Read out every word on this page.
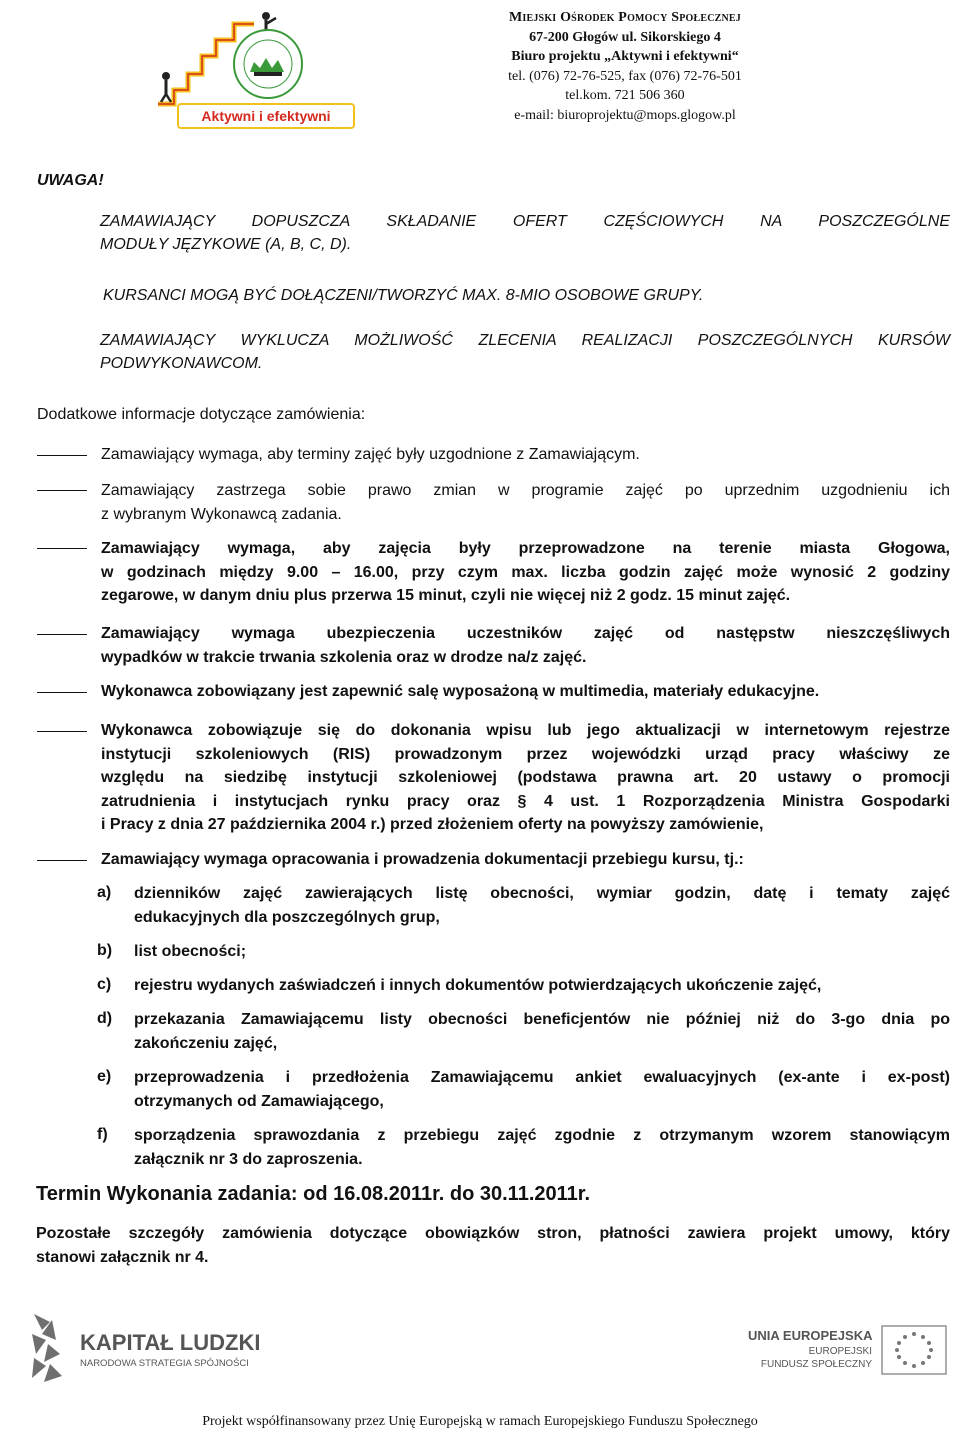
Aktywni i efektywni
Miejski Ośrodek Pomocy Społecznej
67-200 Głogów ul. Sikorskiego 4
Biuro projektu „Aktywni i efektywni“
tel. (076) 72-76-525, fax (076) 72-76-501
tel.kom. 721 506 360
e-mail: biuroprojektu@mops.glogow.pl
UWAGA!
ZAMAWIAJĄCY DOPUSZCZA SKŁADANIE OFERT CZĘŚCIOWYCH NA POSZCZEGÓLNE
MODUŁY JĘZYKOWE (A, B, C, D).
KURSANCI MOGĄ BYĆ DOŁĄCZENI/TWORZYĆ MAX. 8-MIO OSOBOWE GRUPY.
ZAMAWIAJĄCY WYKLUCZA MOŻLIWOŚĆ ZLECENIA REALIZACJI POSZCZEGÓLNYCH KURSÓW
PODWYKONAWCOM.
Dodatkowe informacje dotyczące zamówienia:
Zamawiający wymaga, aby terminy zajęć były uzgodnione z Zamawiającym.
Zamawiający zastrzega sobie prawo zmian w programie zajęć po uprzednim uzgodnieniu ich
z wybranym Wykonawcą zadania.
Zamawiający wymaga, aby zajęcia były przeprowadzone na terenie miasta Głogowa,
w godzinach między 9.00 – 16.00, przy czym max. liczba godzin zajęć może wynosić 2 godziny
zegarowe, w danym dniu plus przerwa 15 minut, czyli nie więcej niż 2 godz. 15 minut zajęć.
Zamawiający wymaga ubezpieczenia uczestników zajęć od następstw nieszczęśliwych
wypadków w trakcie trwania szkolenia oraz w drodze na/z zajęć.
Wykonawca zobowiązany jest zapewnić salę wyposażoną w multimedia, materiały edukacyjne.
Wykonawca zobowiązuje się do dokonania wpisu lub jego aktualizacji w internetowym rejestrze
instytucji szkoleniowych (RIS) prowadzonym przez wojewódzki urząd pracy właściwy ze
względu na siedzibę instytucji szkoleniowej (podstawa prawna art. 20 ustawy o promocji
zatrudnienia i instytucjach rynku pracy oraz § 4 ust. 1 Rozporządzenia Ministra Gospodarki
i Pracy z dnia 27 października 2004 r.) przed złożeniem oferty na powyższy zamówienie,
Zamawiający wymaga opracowania i prowadzenia dokumentacji przebiegu kursu, tj.:
a) dzienników zajęć zawierających listę obecności, wymiar godzin, datę i tematy zajęć
edukacyjnych dla poszczególnych grup,
b) list obecności;
c) rejestru wydanych zaświadczeń i innych dokumentów potwierdzających ukończenie zajęć,
d) przekazania Zamawiającemu listy obecności beneficjentów nie później niż do 3-go dnia po
zakończeniu zajęć,
e) przeprowadzenia i przedłożenia Zamawiającemu ankiet ewaluacyjnych (ex-ante i ex-post)
otrzymanych od Zamawiającego,
f) sporządzenia sprawozdania z przebiegu zajęć zgodnie z otrzymanym wzorem stanowiącym
załącznik nr 3 do zaproszenia.
Termin Wykonania zadania: od 16.08.2011r. do 30.11.2011r.
Pozostałe szczegóły zamówienia dotyczące obowiązków stron, płatności zawiera projekt umowy, który
stanowi załącznik nr 4.
KAPITAŁ LUDZKI
NARODOWA STRATEGIA SPÓJNOŚCI
UNIA EUROPEJSKA
EUROPEJSKI
FUNDUSZ SPOŁECZNY
Projekt współfinansowany przez Unię Europejską w ramach Europejskiego Funduszu Społecznego
